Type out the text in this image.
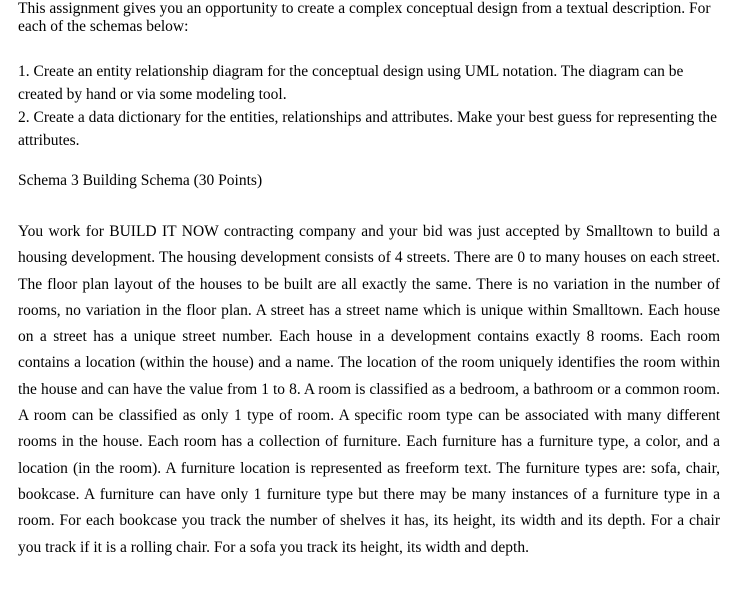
This assignment gives you an opportunity to create a complex conceptual design from a textual description. For each of the schemas below:

1. Create an entity relationship diagram for the conceptual design using UML notation. The diagram can be created by hand or via some modeling tool.

2. Create a data dictionary for the entities, relationships and attributes. Make your best guess for representing the attributes.

Schema 3 Building Schema (30 Points)

You work for BUILD IT NOW contracting company and your bid was just accepted by Smalltown to build a housing development. The housing development consists of 4 streets. There are 0 to many houses on each street. The floor plan layout of the houses to be built are all exactly the same. There is no variation in the number of rooms, no variation in the floor plan. A street has a street name which is unique within Smalltown. Each house on a street has a unique street number. Each house in a development contains exactly 8 rooms. Each room contains a location (within the house) and a name. The location of the room uniquely identifies the room within the house and can have the value from 1 to 8. A room is classified as a bedroom, a bathroom or a common room. A room can be classified as only 1 type of room. A specific room type can be associated with many different rooms in the house. Each room has a collection of furniture. Each furniture has a furniture type, a color, and a location (in the room). A furniture location is represented as freeform text. The furniture types are: sofa, chair, bookcase. A furniture can have only 1 furniture type but there may be many instances of a furniture type in a room. For each bookcase you track the number of shelves it has, its height, its width and its depth. For a chair you track if it is a rolling chair. For a sofa you track its height, its width and depth.
